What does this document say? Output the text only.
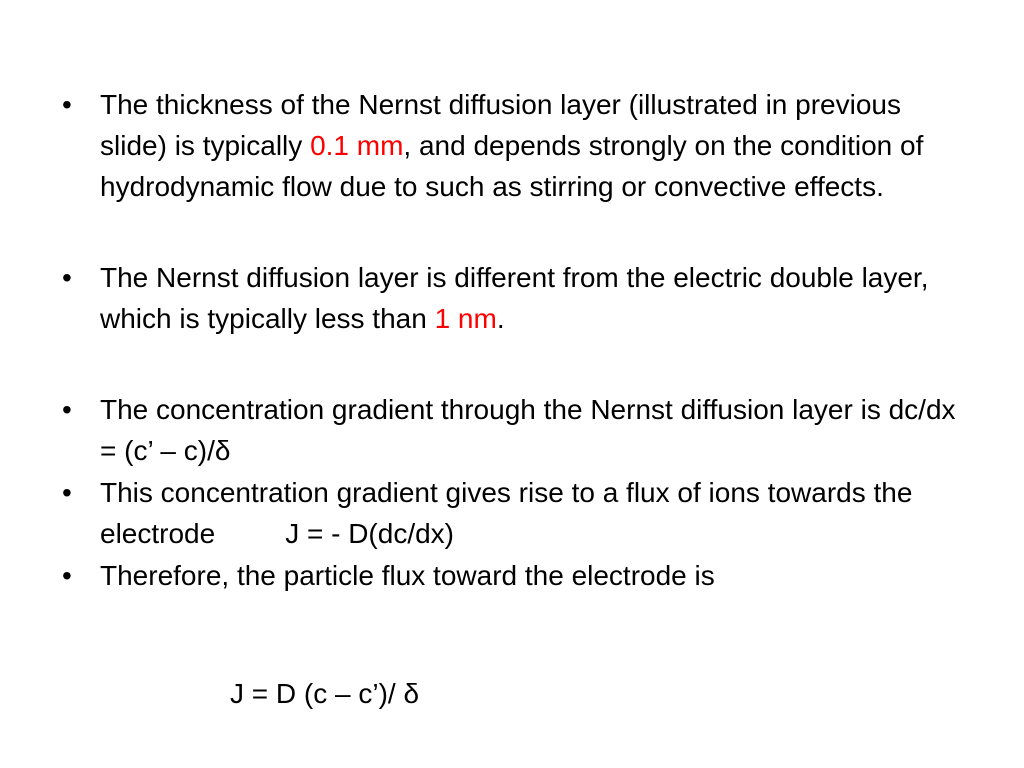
•	The thickness of the Nernst diffusion layer (illustrated in previous slide) is typically 0.1 mm, and depends strongly on the condition of hydrodynamic flow due to such as stirring or convective effects.
•	The Nernst diffusion layer is different from the electric double layer, which is typically less than 1 nm.
•	The concentration gradient through the Nernst diffusion layer is dc/dx = (c’ – c)/δ
•	This concentration gradient gives rise to a flux of ions towards the electrode	J = - D(dc/dx)
•	Therefore, the particle flux toward the electrode is
J = D (c – c’)/ δ
